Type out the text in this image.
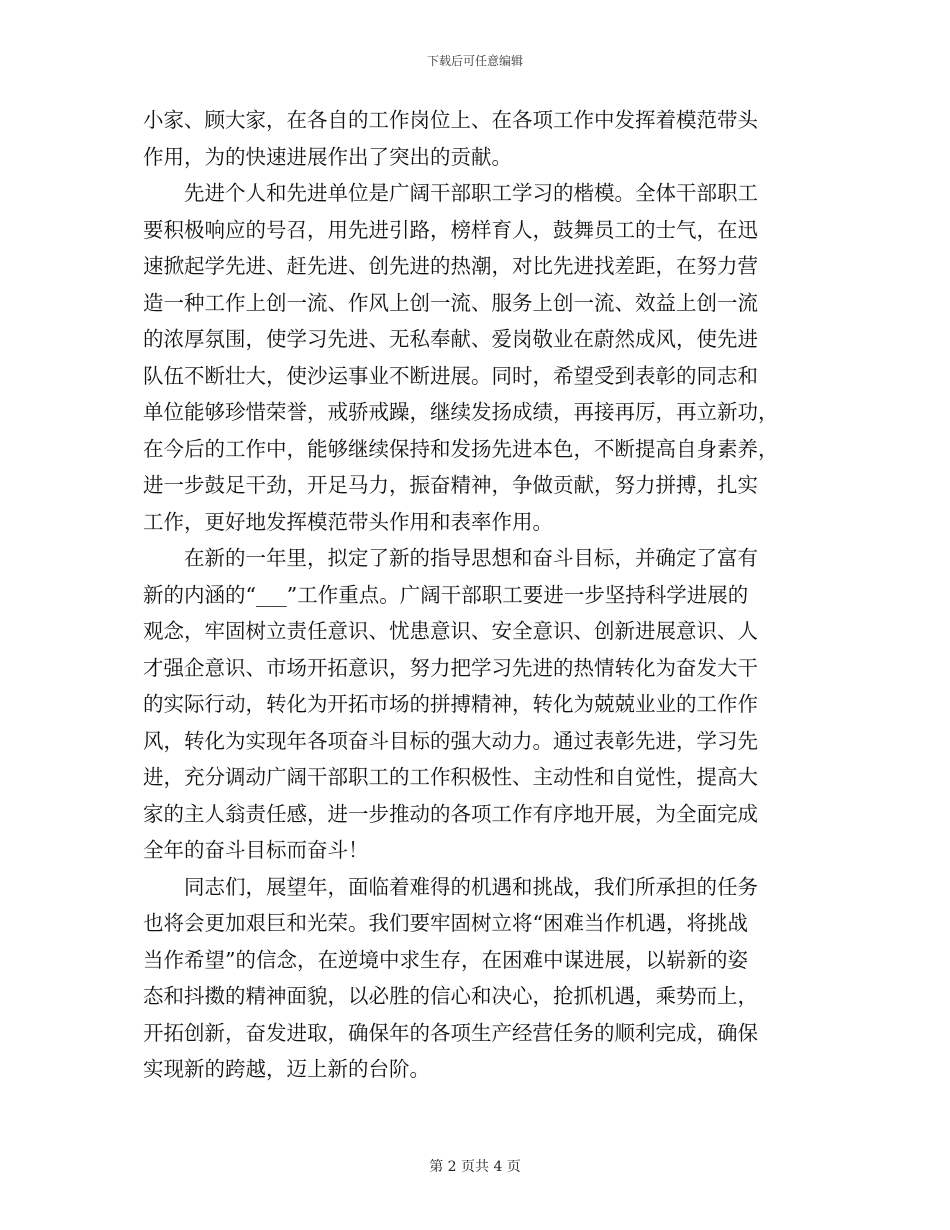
下载后可任意编辑
小家、顾大家，在各自的工作岗位上、在各项工作中发挥着模范带头
作用，为的快速进展作出了突出的贡献。
先进个人和先进单位是广阔干部职工学习的楷模。全体干部职工
要积极响应的号召，用先进引路，榜样育人，鼓舞员工的士气，在迅
速掀起学先进、赶先进、创先进的热潮，对比先进找差距，在努力营
造一种工作上创一流、作风上创一流、服务上创一流、效益上创一流
的浓厚氛围，使学习先进、无私奉献、爱岗敬业在蔚然成风，使先进
队伍不断壮大，使沙运事业不断进展。同时，希望受到表彰的同志和
单位能够珍惜荣誉，戒骄戒躁，继续发扬成绩，再接再厉，再立新功，
在今后的工作中，能够继续保持和发扬先进本色，不断提高自身素养，
进一步鼓足干劲，开足马力，振奋精神，争做贡献，努力拼搏，扎实
工作，更好地发挥模范带头作用和表率作用。
在新的一年里，拟定了新的指导思想和奋斗目标，并确定了富有
新的内涵的“___”工作重点。广阔干部职工要进一步坚持科学进展的
观念，牢固树立责任意识、忧患意识、安全意识、创新进展意识、人
才强企意识、市场开拓意识，努力把学习先进的热情转化为奋发大干
的实际行动，转化为开拓市场的拼搏精神，转化为兢兢业业的工作作
风，转化为实现年各项奋斗目标的强大动力。通过表彰先进，学习先
进，充分调动广阔干部职工的工作积极性、主动性和自觉性，提高大
家的主人翁责任感，进一步推动的各项工作有序地开展，为全面完成
全年的奋斗目标而奋斗！
同志们，展望年，面临着难得的机遇和挑战，我们所承担的任务
也将会更加艰巨和光荣。我们要牢固树立将“困难当作机遇，将挑战
当作希望”的信念，在逆境中求生存，在困难中谋进展，以崭新的姿
态和抖擞的精神面貌，以必胜的信心和决心，抢抓机遇，乘势而上，
开拓创新，奋发进取，确保年的各项生产经营任务的顺利完成，确保
实现新的跨越，迈上新的台阶。
第 2 页共 4 页
